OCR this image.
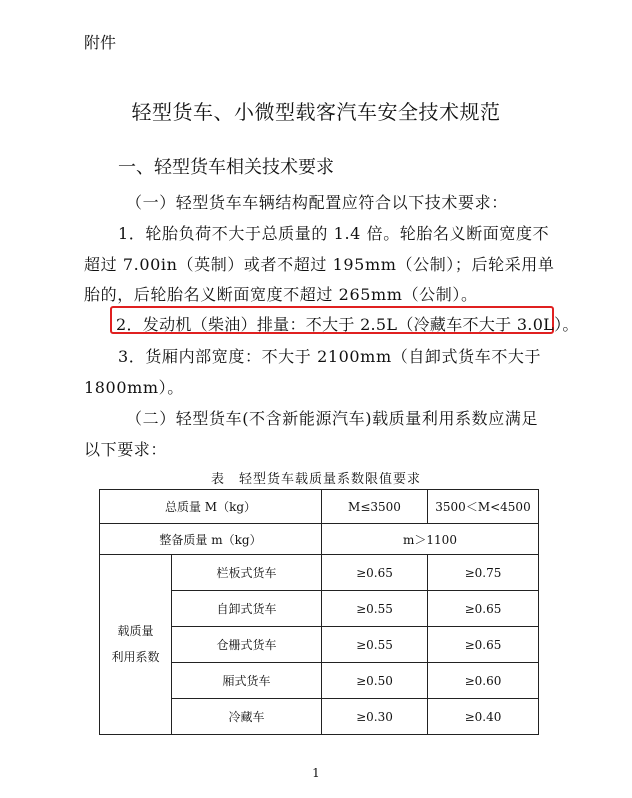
附件
轻型货车、小微型载客汽车安全技术规范
一、轻型货车相关技术要求
（一）轻型货车车辆结构配置应符合以下技术要求：
1．轮胎负荷不大于总质量的 1.4 倍。轮胎名义断面宽度不
超过 7.00in（英制）或者不超过 195mm（公制）；后轮采用单
胎的，后轮胎名义断面宽度不超过 265mm（公制）。
2．发动机（柴油）排量：不大于 2.5L（冷藏车不大于 3.0L）。
3．货厢内部宽度：不大于 2100mm（自卸式货车不大于
1800mm）。
（二）轻型货车(不含新能源汽车)载质量利用系数应满足
以下要求：
表　轻型货车载质量系数限值要求
总质量 M（kg）		M≤3500	3500＜M<4500
整备质量 m（kg）		m＞1100	

载质量
利用系数	栏板式货车	≥0.65	≥0.75
	自卸式货车	≥0.55	≥0.65
	仓栅式货车	≥0.55	≥0.65
	厢式货车	≥0.50	≥0.60
	冷藏车	≥0.30	≥0.40
1
